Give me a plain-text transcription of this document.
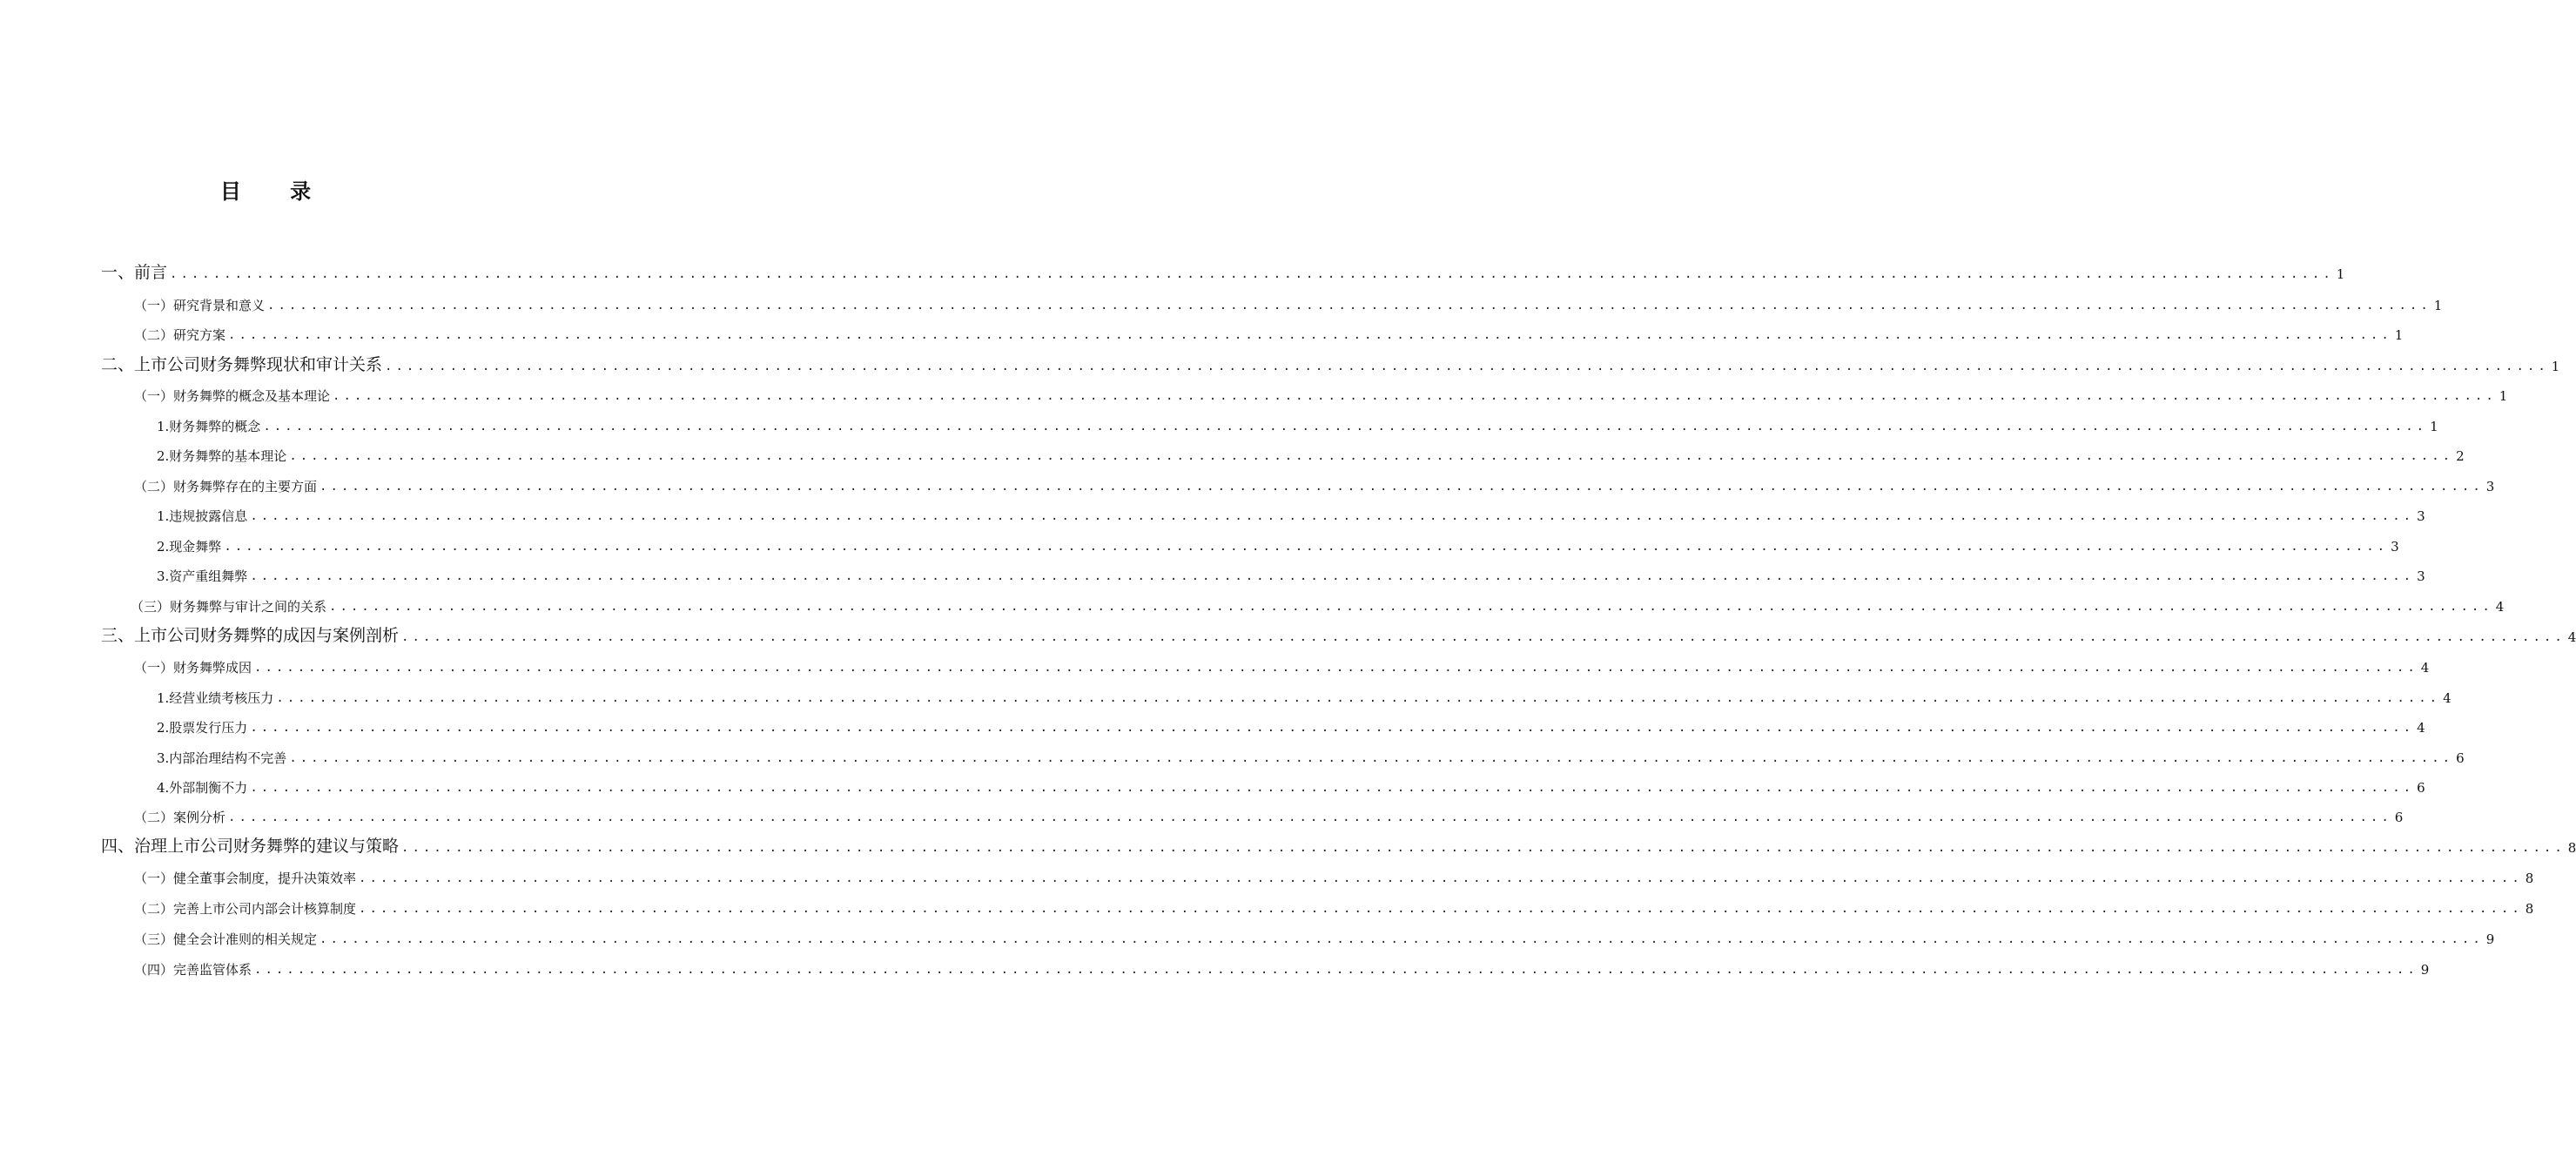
目 录
一、前言 ........................................................................................................................................................................................................ 1
（一）研究背景和意义 ........................................................................................................................................................................................................ 1
（二）研究方案 ........................................................................................................................................................................................................ 1
二、上市公司财务舞弊现状和审计关系 ........................................................................................................................................................................................................ 1
（一）财务舞弊的概念及基本理论 ........................................................................................................................................................................................................ 1
1.财务舞弊的概念 ........................................................................................................................................................................................................ 1
2.财务舞弊的基本理论 ........................................................................................................................................................................................................ 2
（二）财务舞弊存在的主要方面 ........................................................................................................................................................................................................ 3
1.违规披露信息 ........................................................................................................................................................................................................ 3
2.现金舞弊 ........................................................................................................................................................................................................ 3
3.资产重组舞弊 ........................................................................................................................................................................................................ 3
（三）财务舞弊与审计之间的关系 ........................................................................................................................................................................................................ 4
三、上市公司财务舞弊的成因与案例剖析 ........................................................................................................................................................................................................ 4
（一）财务舞弊成因 ........................................................................................................................................................................................................ 4
1.经营业绩考核压力 ........................................................................................................................................................................................................ 4
2.股票发行压力 ........................................................................................................................................................................................................ 4
3.内部治理结构不完善 ........................................................................................................................................................................................................ 6
4.外部制衡不力 ........................................................................................................................................................................................................ 6
（二）案例分析 ........................................................................................................................................................................................................ 6
四、治理上市公司财务舞弊的建议与策略 ........................................................................................................................................................................................................ 8
（一）健全董事会制度，提升决策效率 ........................................................................................................................................................................................................ 8
（二）完善上市公司内部会计核算制度 ........................................................................................................................................................................................................ 8
（三）健全会计准则的相关规定 ........................................................................................................................................................................................................ 9
（四）完善监管体系 ........................................................................................................................................................................................................ 9
